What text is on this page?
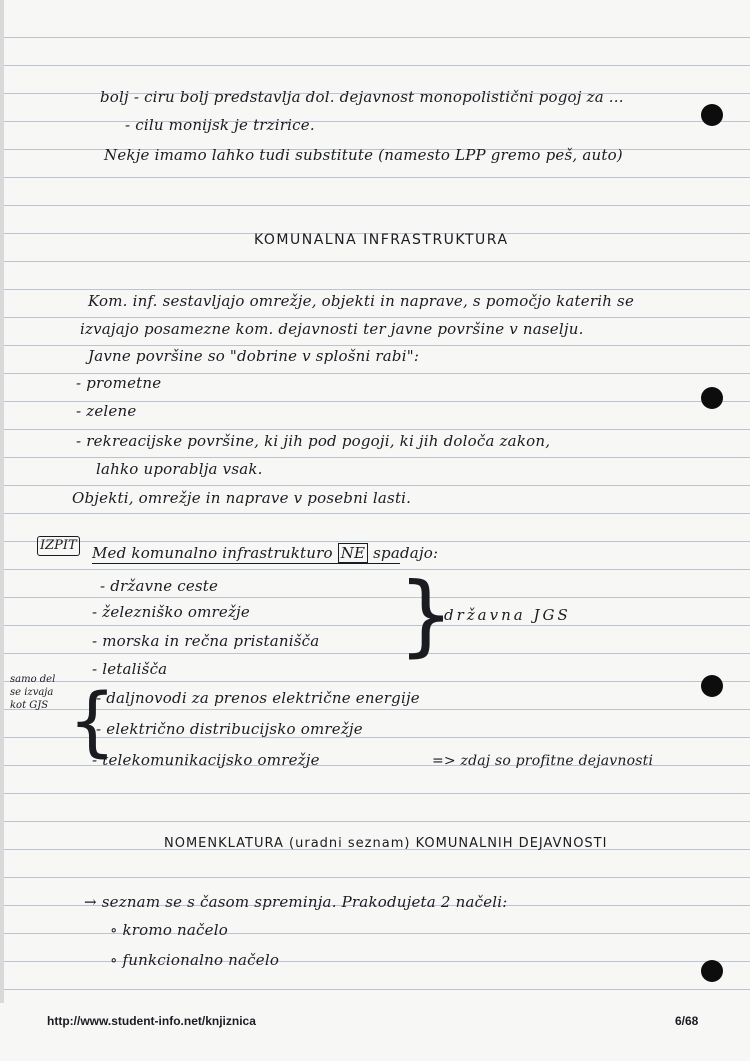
bolj - ciru bolj predstavlja dol. dejavnost monopolistični pogoj za ...
- cilu monijsk je trzirice.
Nekje imamo lahko tudi substitute (namesto LPP gremo peš, auto)
KOMUNALNA INFRASTRUKTURA
Kom. inf. sestavljajo omrežje, objekti in naprave, s pomočjo katerih se
izvajajo posamezne kom. dejavnosti ter javne površine v naselju.
Javne površine so "dobrine v splošni rabi":
- prometne
- zelene
- rekreacijske površine, ki jih pod pogoji, ki jih določa zakon,
lahko uporablja vsak.
Objekti, omrežje in naprave v posebni lasti.
IZPIT Med komunalno infrastrukturo NE spadajo:
- državne ceste
- železniško omrežje
- morska in rečna pristanišča
- letališča
}
državna JGS
samo del
se izvaja
kot GJS {
- daljnovodi za prenos električne energije
- električno distribucijsko omrežje
- telekomunikacijsko omrežje	=> zdaj so profitne dejavnosti
NOMENKLATURA (uradni seznam) KOMUNALNIH DEJAVNOSTI
→ seznam se s časom spreminja. Prakodujeta 2 načeli:
∘ kromo načelo
∘ funkcionalno načelo
http://www.student-info.net/knjiznica	6/68
